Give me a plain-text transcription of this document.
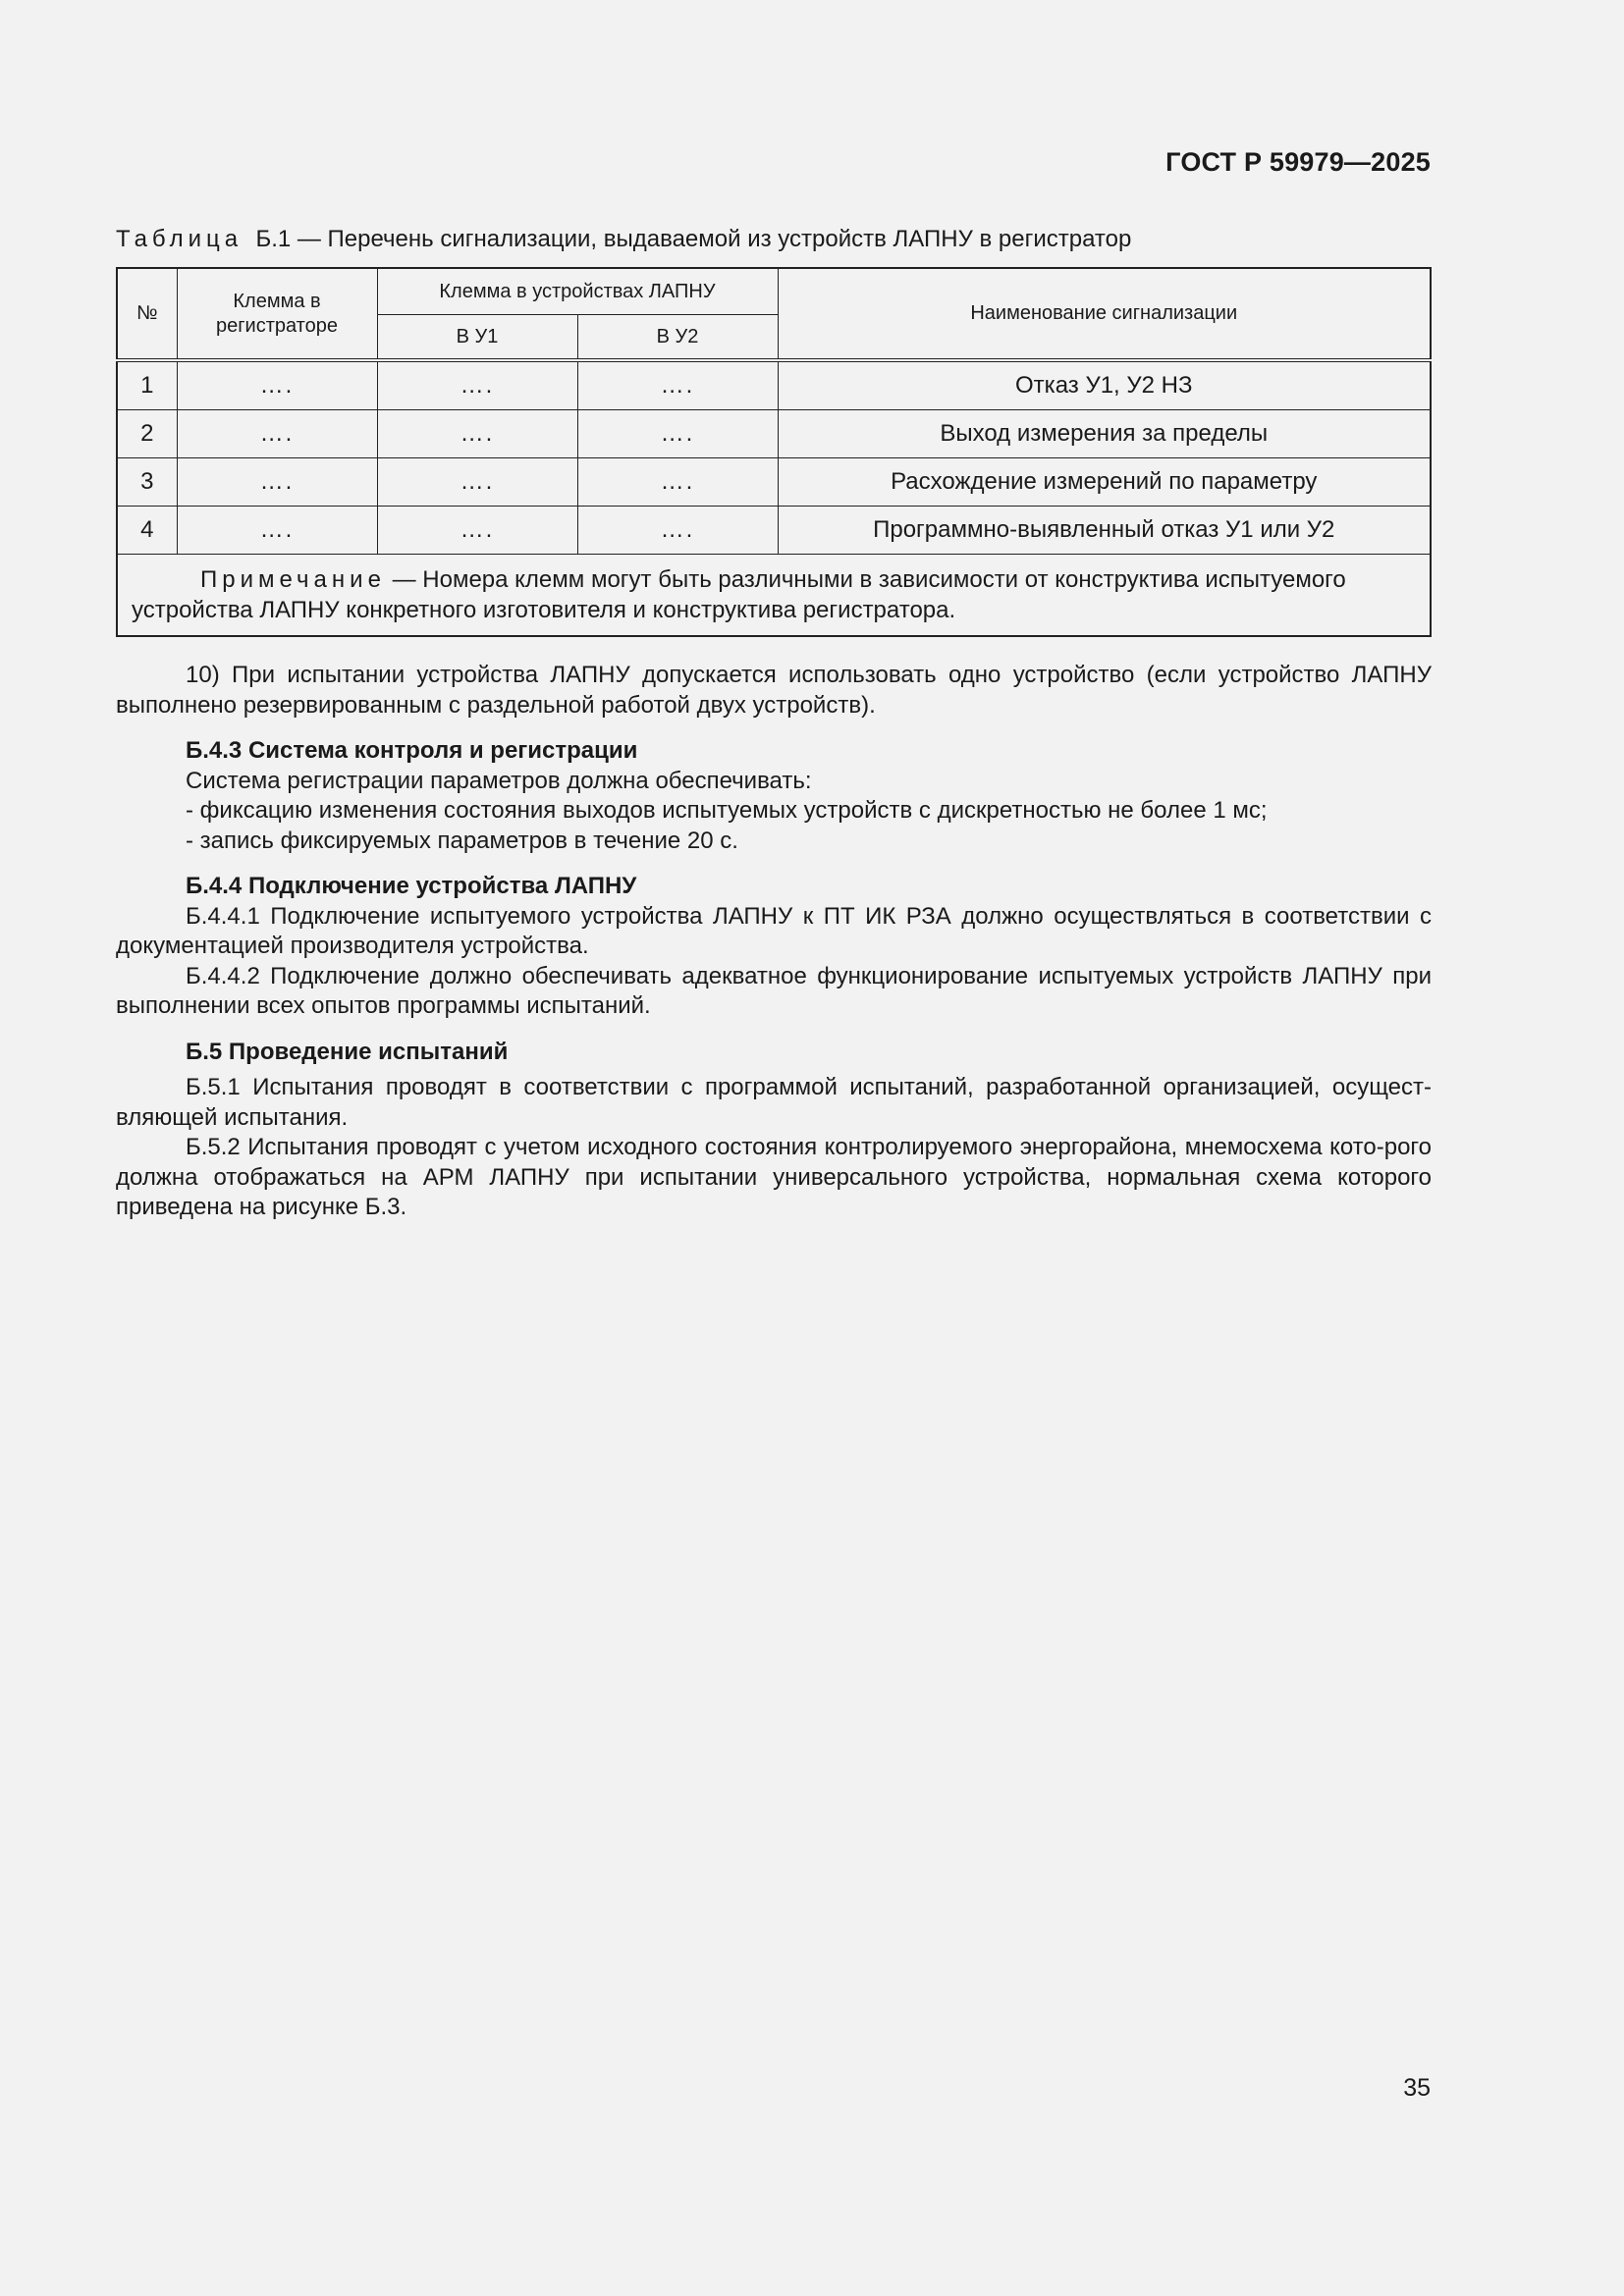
ГОСТ Р 59979—2025
Таблица Б.1 — Перечень сигнализации, выдаваемой из устройств ЛАПНУ в регистратор
№	Клемма в регистраторе	Клемма в устройствах ЛАПНУ		Наименование сигнализации
		В У1	В У2	
1	….	….	….	Отказ У1, У2 НЗ
2	….	….	….	Выход измерения за пределы
3	….	….	….	Расхождение измерений по параметру
4	….	….	….	Программно-выявленный отказ У1 или У2
Примечание — Номера клемм могут быть различными в зависимости от конструктива испытуемого устройства ЛАПНУ конкретного изготовителя и конструктива регистратора.				

10) При испытании устройства ЛАПНУ допускается использовать одно устройство (если устройство ЛАПНУ выполнено резервированным с раздельной работой двух устройств).

Б.4.3 Система контроля и регистрации

Система регистрации параметров должна обеспечивать:

- фиксацию изменения состояния выходов испытуемых устройств с дискретностью не более 1 мс;

- запись фиксируемых параметров в течение 20 с.

Б.4.4 Подключение устройства ЛАПНУ

Б.4.4.1 Подключение испытуемого устройства ЛАПНУ к ПТ ИК РЗА должно осуществляться в соответствии с документацией производителя устройства.

Б.4.4.2 Подключение должно обеспечивать адекватное функционирование испытуемых устройств ЛАПНУ при выполнении всех опытов программы испытаний.

Б.5 Проведение испытаний

Б.5.1 Испытания проводят в соответствии с программой испытаний, разработанной организацией, осущест-вляющей испытания.

Б.5.2 Испытания проводят с учетом исходного состояния контролируемого энергорайона, мнемосхема кото-рого должна отображаться на АРМ ЛАПНУ при испытании универсального устройства, нормальная схема которого приведена на рисунке Б.3.

35
